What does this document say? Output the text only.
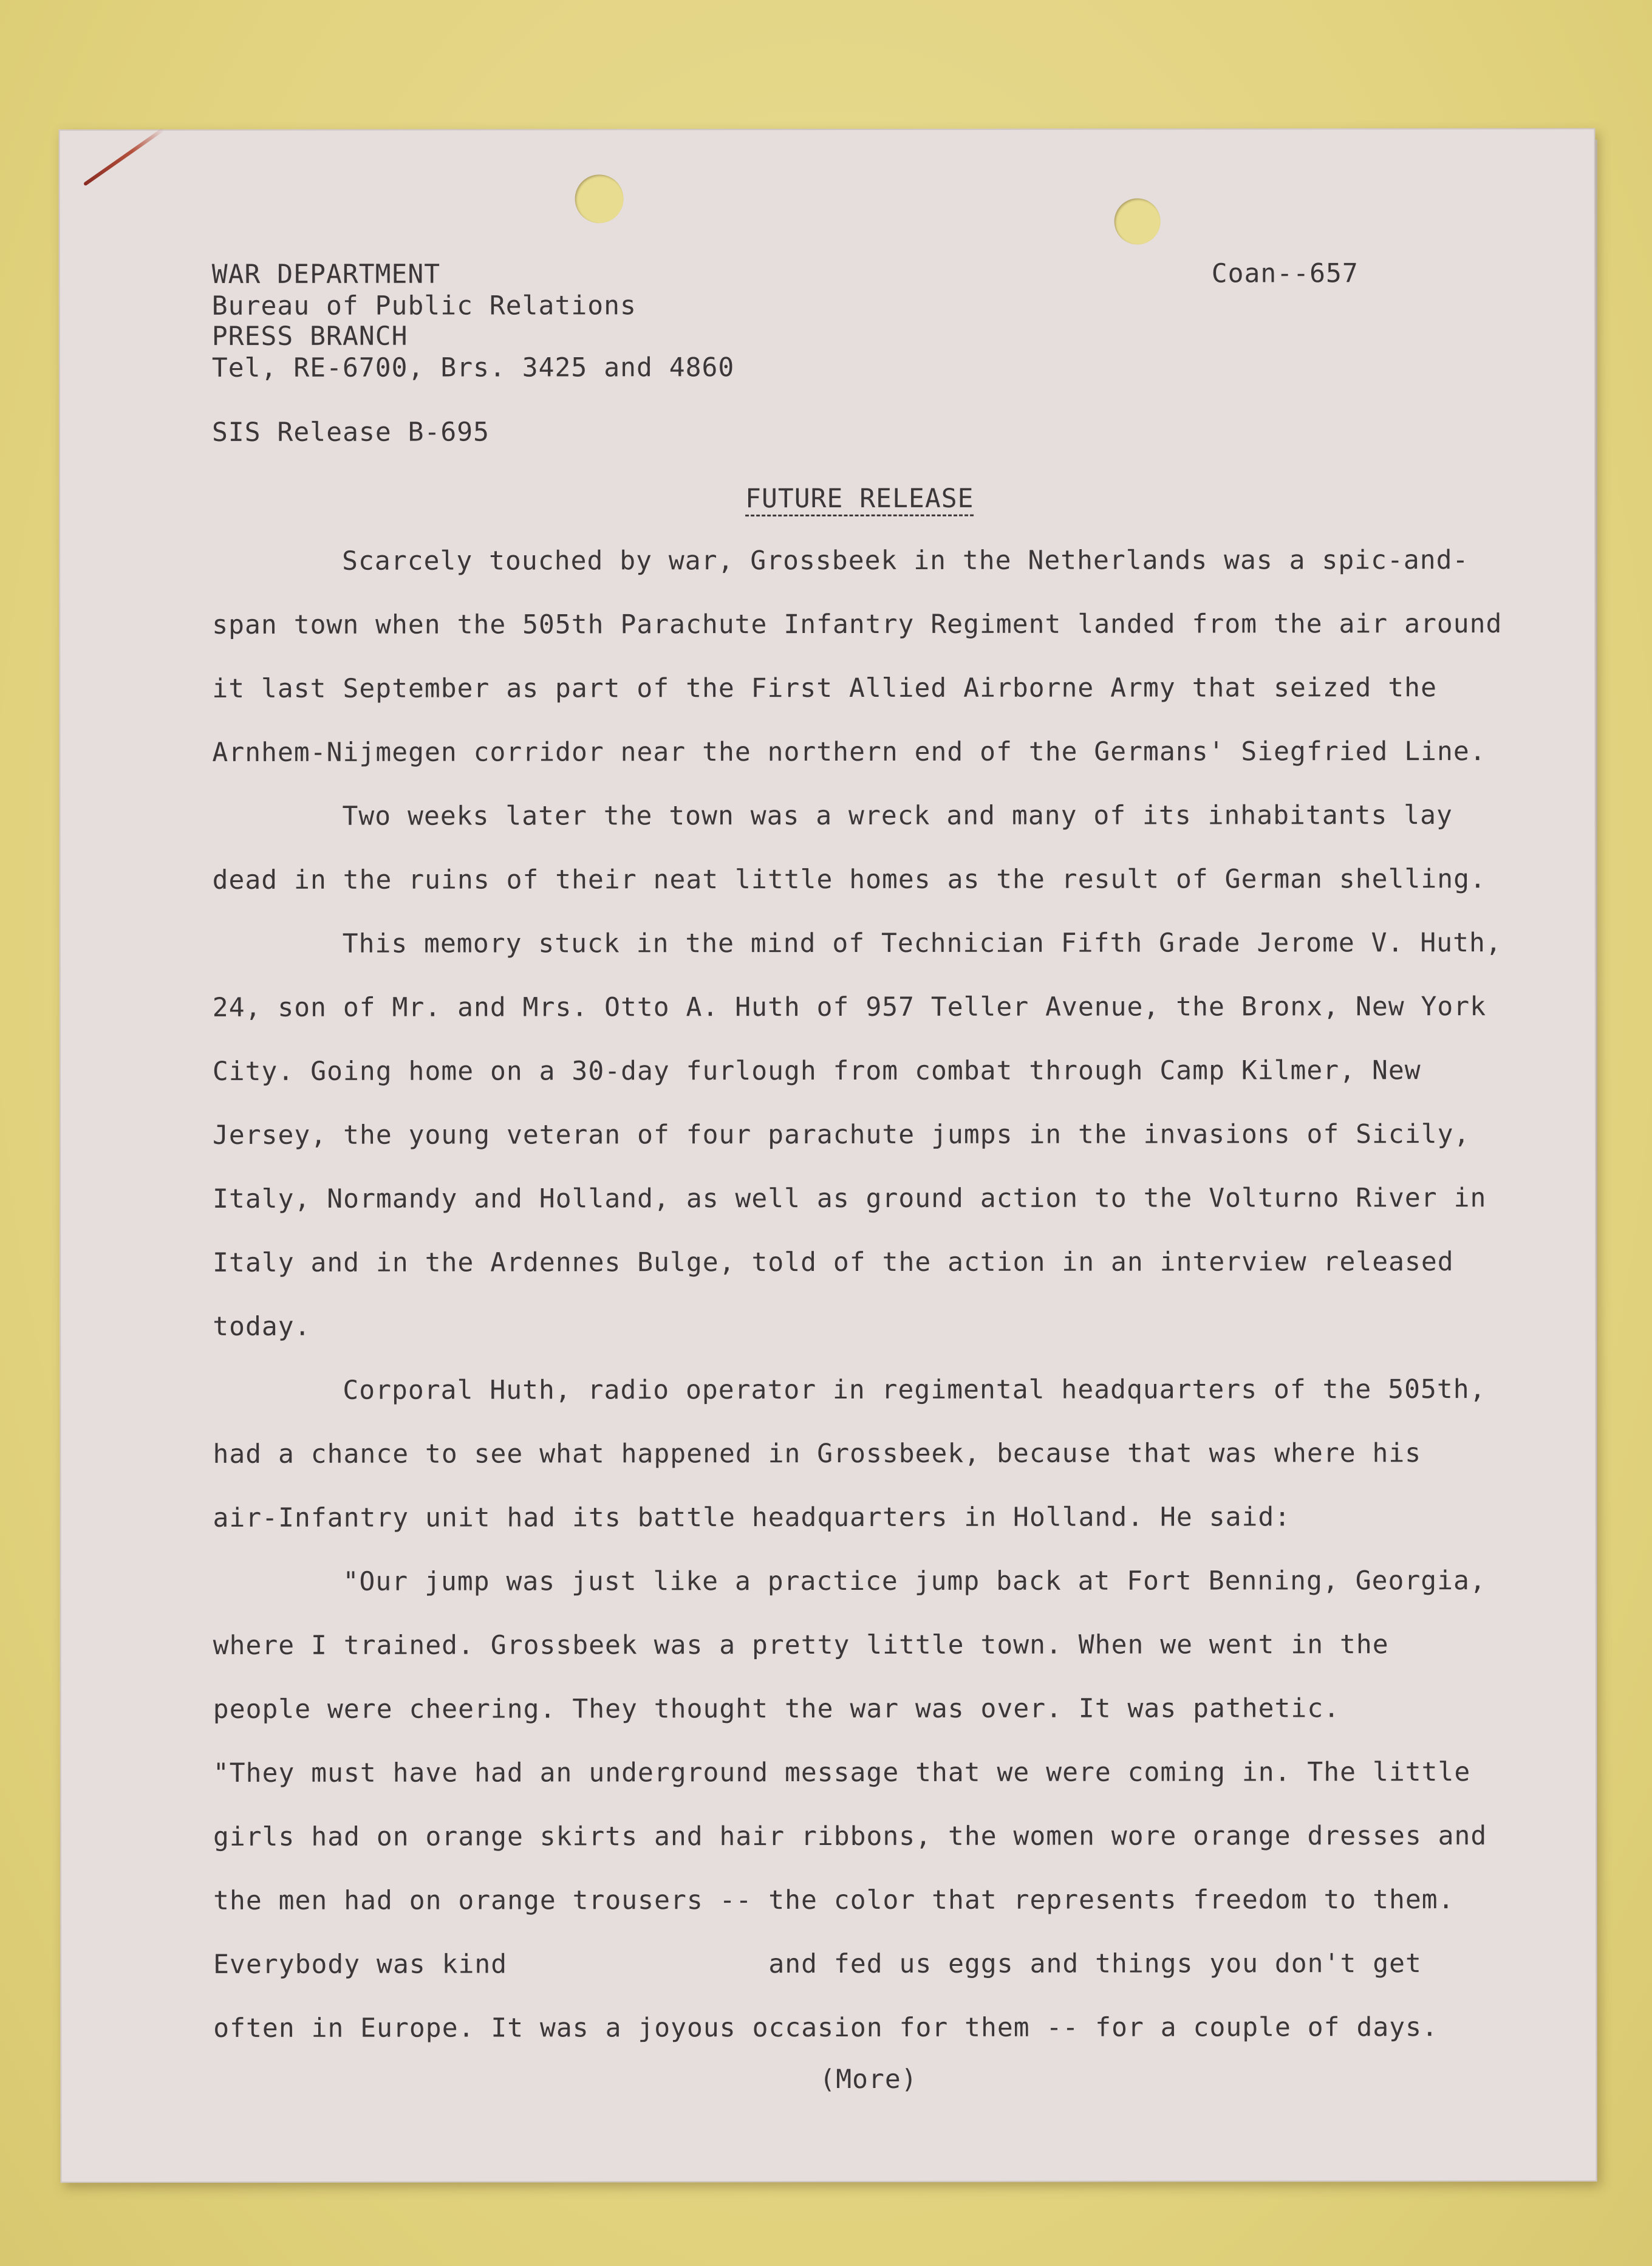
WAR DEPARTMENT
Bureau of Public Relations
PRESS BRANCH
Tel, RE-6700, Brs. 3425 and 4860
Coan--657
SIS Release B-695
FUTURE RELEASE
Scarcely touched by war, Grossbeek in the Netherlands was a spic-and-
span town when the 505th Parachute Infantry Regiment landed from the air around
it last September as part of the First Allied Airborne Army that seized the
Arnhem-Nijmegen corridor near the northern end of the Germans' Siegfried Line.
Two weeks later the town was a wreck and many of its inhabitants lay
dead in the ruins of their neat little homes as the result of German shelling.
This memory stuck in the mind of Technician Fifth Grade Jerome V. Huth,
24, son of Mr. and Mrs. Otto A. Huth of 957 Teller Avenue, the Bronx, New York
City. Going home on a 30-day furlough from combat through Camp Kilmer, New
Jersey, the young veteran of four parachute jumps in the invasions of Sicily,
Italy, Normandy and Holland, as well as ground action to the Volturno River in
Italy and in the Ardennes Bulge, told of the action in an interview released
today.
Corporal Huth, radio operator in regimental headquarters of the 505th,
had a chance to see what happened in Grossbeek, because that was where his
air-Infantry unit had its battle headquarters in Holland. He said:
"Our jump was just like a practice jump back at Fort Benning, Georgia,
where I trained. Grossbeek was a pretty little town. When we went in the
people were cheering. They thought the war was over. It was pathetic.
"They must have had an underground message that we were coming in. The little
girls had on orange skirts and hair ribbons, the women wore orange dresses and
the men had on orange trousers -- the color that represents freedom to them.
Everybody was kind                and fed us eggs and things you don't get
often in Europe. It was a joyous occasion for them -- for a couple of days.
(More)
